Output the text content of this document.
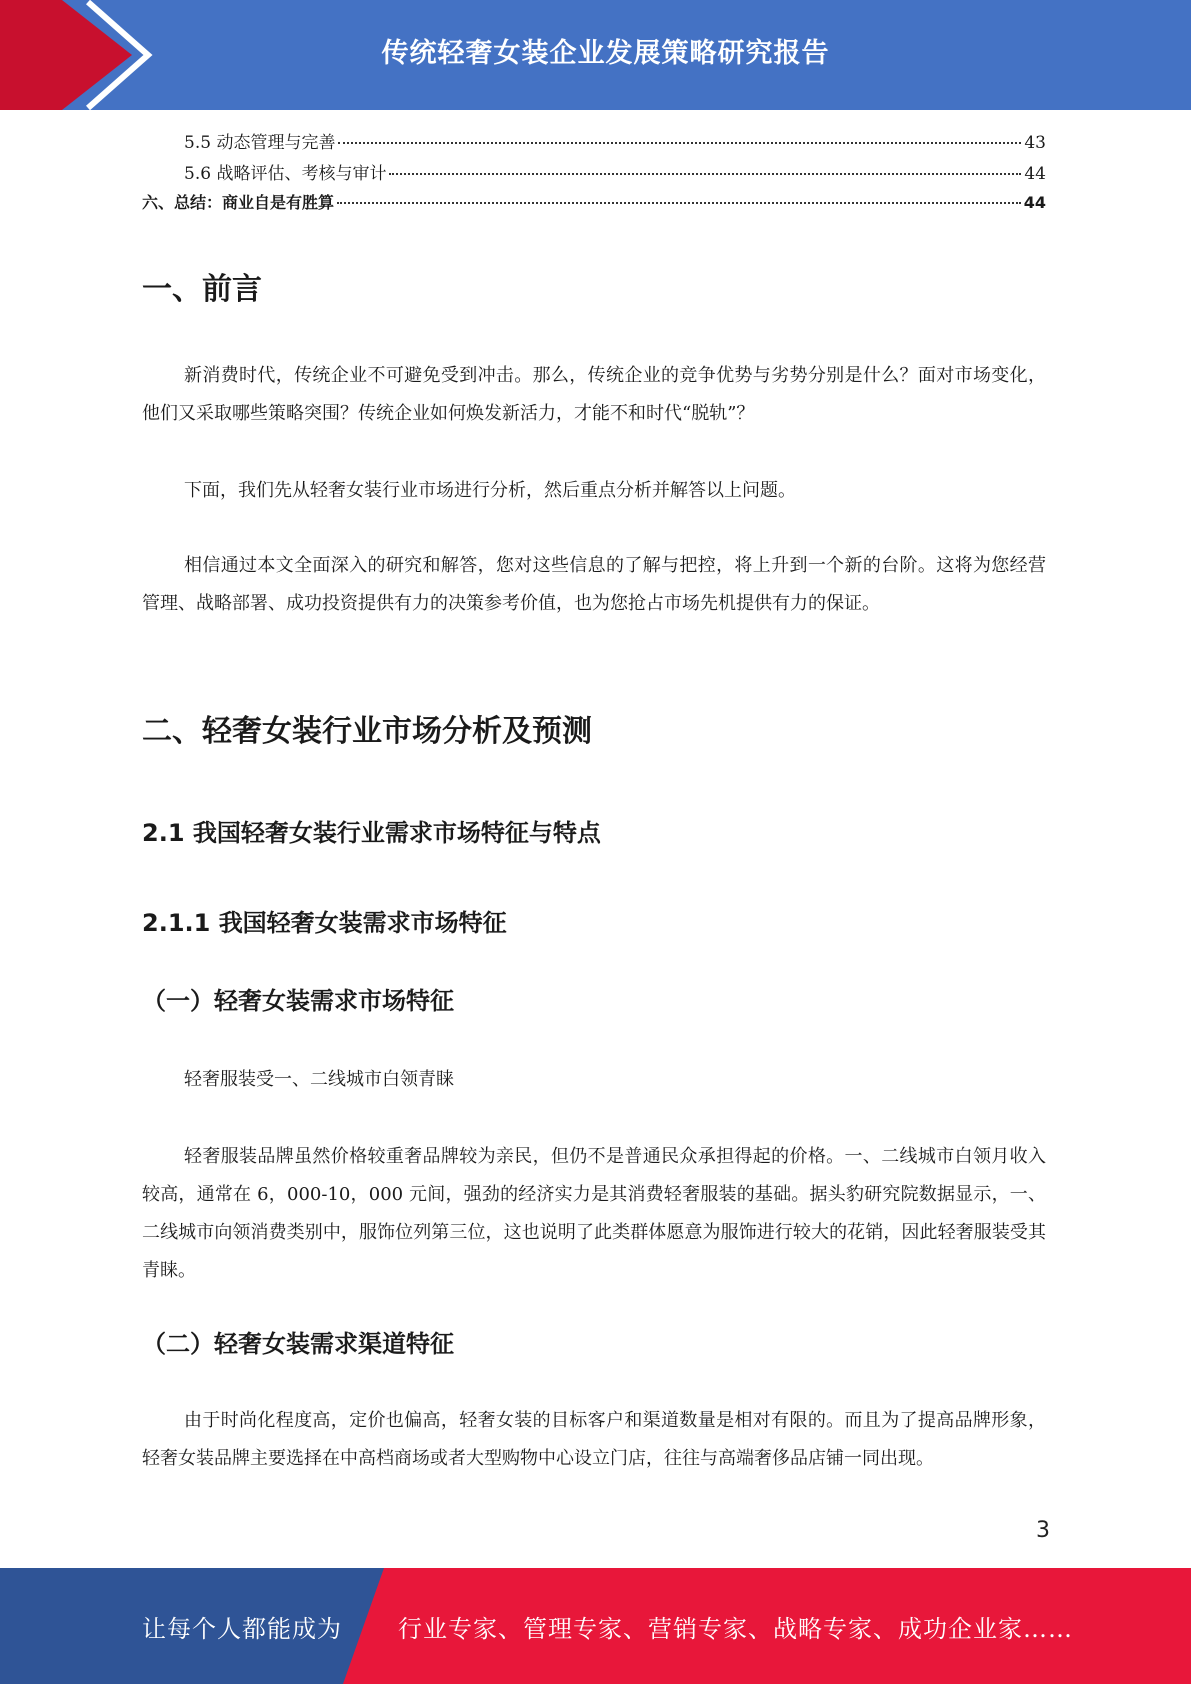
传统轻奢女装企业发展策略研究报告
5.5 动态管理与完善	43
5.6 战略评估、考核与审计	44
六、总结：商业自是有胜算	44
一、前言

新消费时代，传统企业不可避免受到冲击。那么，传统企业的竞争优势与劣势分别是什么？面对市场变化，他们又采取哪些策略突围？传统企业如何焕发新活力，才能不和时代“脱轨”？

下面，我们先从轻奢女装行业市场进行分析，然后重点分析并解答以上问题。

相信通过本文全面深入的研究和解答，您对这些信息的了解与把控，将上升到一个新的台阶。这将为您经营管理、战略部署、成功投资提供有力的决策参考价值，也为您抢占市场先机提供有力的保证。

二、轻奢女装行业市场分析及预测
2.1 我国轻奢女装行业需求市场特征与特点
2.1.1 我国轻奢女装需求市场特征
（一）轻奢女装需求市场特征

轻奢服装受一、二线城市白领青睐

轻奢服装品牌虽然价格较重奢品牌较为亲民，但仍不是普通民众承担得起的价格。一、二线城市白领月收入较高，通常在 6，000-10，000 元间，强劲的经济实力是其消费轻奢服装的基础。据头豹研究院数据显示，一、二线城市向领消费类别中，服饰位列第三位，这也说明了此类群体愿意为服饰进行较大的花销，因此轻奢服装受其青睐。

（二）轻奢女装需求渠道特征

由于时尚化程度高，定价也偏高，轻奢女装的目标客户和渠道数量是相对有限的。而且为了提高品牌形象，轻奢女装品牌主要选择在中高档商场或者大型购物中心设立门店，往往与高端奢侈品店铺一同出现。

3
让每个人都能成为 行业专家、管理专家、营销专家、战略专家、成功企业家……
